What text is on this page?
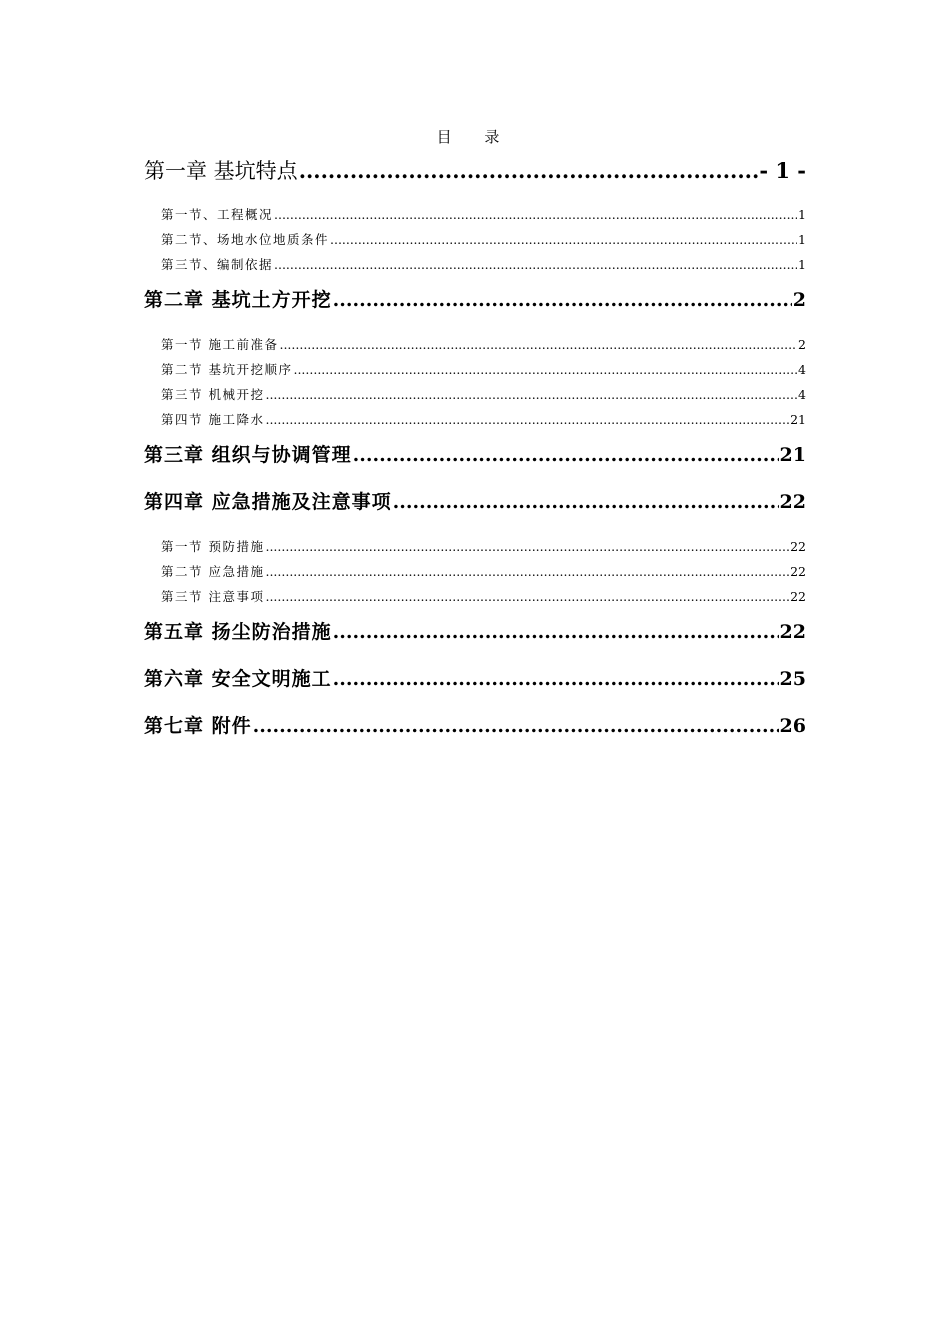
目 录
第一章 基坑特点 .....	- 1 -
第一节、工程概况 .....	1
第二节、场地水位地质条件 .....	1
第三节、编制依据 .....	1
第二章 基坑土方开挖 .....	2
第一节 施工前准备 .....	2
第二节 基坑开挖顺序 .....	4
第三节 机械开挖 .....	4
第四节 施工降水 .....	21
第三章 组织与协调管理 .....	21
第四章 应急措施及注意事项 .....	22
第一节 预防措施 .....	22
第二节 应急措施 .....	22
第三节 注意事项 .....	22
第五章 扬尘防治措施 .....	22
第六章 安全文明施工 .....	25
第七章 附件 .....	26
